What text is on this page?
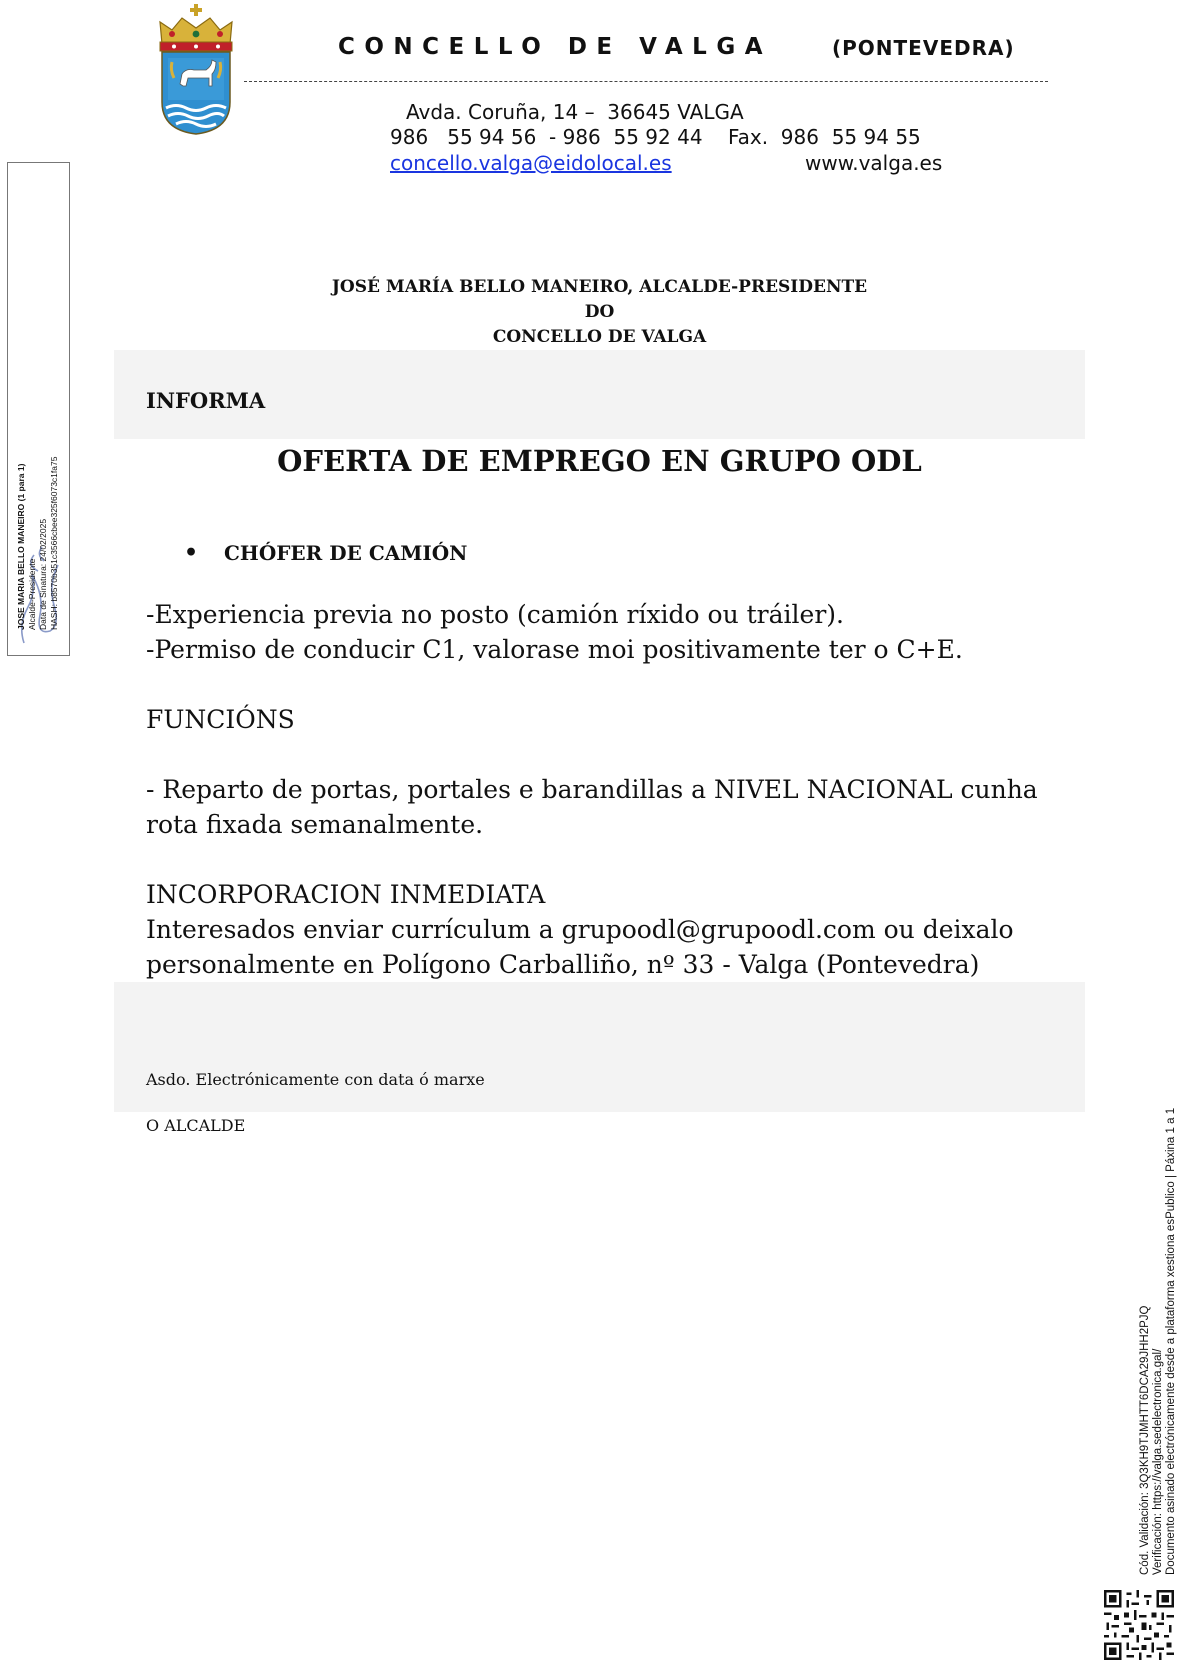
CONCELLO DE VALGA	(PONTEVEDRA)
Avda. Coruña, 14 –  36645 VALGA
986   55 94 56  - 986  55 92 44    Fax.  986  55 94 55
concello.valga@eidolocal.es	www.valga.es
JOSE MARIA BELLO MANEIRO (1 para 1) Alcalde-Presidente Data de Sinatura: 24/02/2025 HASH: b8570b351c3566cbee325f6073c1fa75
JOSÉ MARÍA BELLO MANEIRO, ALCALDE-PRESIDENTE
DO
CONCELLO DE VALGA
INFORMA
OFERTA DE EMPREGO EN GRUPO ODL
• CHÓFER DE CAMIÓN
-Experiencia previa no posto (camión ríxido ou tráiler).
-Permiso de conducir C1, valorase moi positivamente ter o C+E.
FUNCIÓNS
- Reparto de portas, portales e barandillas a NIVEL NACIONAL cunha
rota fixada semanalmente.
INCORPORACION INMEDIATA
Interesados enviar currículum a grupoodl@grupoodl.com ou deixalo
personalmente en Polígono Carballiño, nº 33 - Valga (Pontevedra)
Asdo. Electrónicamente con data ó marxe
O ALCALDE
Cód. Validación: 3Q3KH9TJMHTT6DCA29JHH2PJQ Verificación: https://valga.sedelectronica.gal/ Documento asinado electrónicamente desde a plataforma xestiona esPublico | Páxina 1 a 1
